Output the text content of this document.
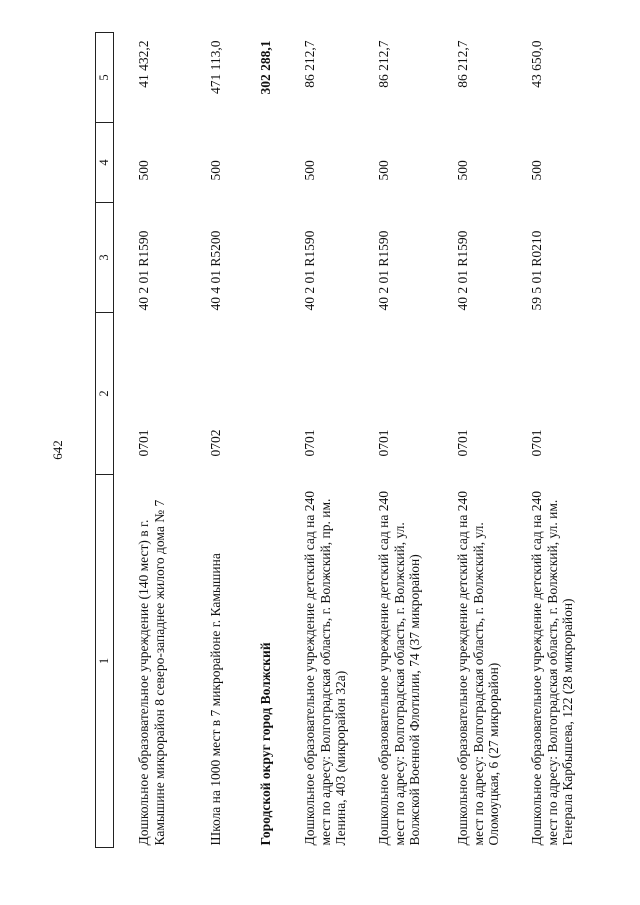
642
1	2	3	4	5
Дошкольное образовательное учреждение (140 мест) в г. Камышине микрорайон 8 северо-западнее жилого дома № 7	0701	40 2 01 R1590	500	41 432,2
Школа на 1000 мест в 7 микрорайоне г. Камышина	0702	40 4 01 R5200	500	471 113,0
Городской округ город Волжский				302 288,1
Дошкольное образовательное учреждение детский сад на 240 мест по адресу: Волгоградская область, г. Волжский, пр. им. Ленина, 403 (микрорайон 32а)	0701	40 2 01 R1590	500	86 212,7
Дошкольное образовательное учреждение детский сад на 240 мест по адресу: Волгоградская область, г. Волжский, ул. Волжской Военной Флотилии, 74 (37 микрорайон)	0701	40 2 01 R1590	500	86 212,7
Дошкольное образовательное учреждение детский сад на 240 мест по адресу: Волгоградская область, г. Волжский, ул. Оломоуцкая, 6 (27 микрорайон)	0701	40 2 01 R1590	500	86 212,7
Дошкольное образовательное учреждение детский сад на 240 мест по адресу: Волгоградская область, г. Волжский, ул. им. Генерала Карбышева, 122 (28 микрорайон)	0701	59 5 01 R0210	500	43 650,0
